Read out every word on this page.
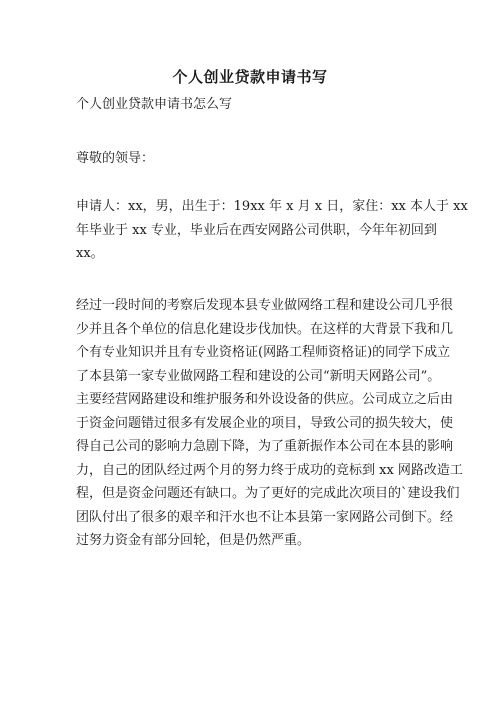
个人创业贷款申请书写
个人创业贷款申请书怎么写
尊敬的领导：
申请人：xx，男，出生于：19xx 年 x 月 x 日，家住：xx 本人于 xx
年毕业于 xx 专业，毕业后在西安网路公司供职，今年年初回到
xx。
经过一段时间的考察后发现本县专业做网络工程和建设公司几乎很
少并且各个单位的信息化建设步伐加快。在这样的大背景下我和几
个有专业知识并且有专业资格证(网路工程师资格证)的同学下成立
了本县第一家专业做网路工程和建设的公司“新明天网路公司”。
主要经营网路建设和维护服务和外设设备的供应。公司成立之后由
于资金问题错过很多有发展企业的项目，导致公司的损失较大，使
得自己公司的影响力急剧下降，为了重新振作本公司在本县的影响
力，自己的团队经过两个月的努力终于成功的竞标到 xx 网路改造工
程，但是资金问题还有缺口。为了更好的完成此次项目的`建设我们
团队付出了很多的艰辛和汗水也不让本县第一家网路公司倒下。经
过努力资金有部分回轮，但是仍然严重。
